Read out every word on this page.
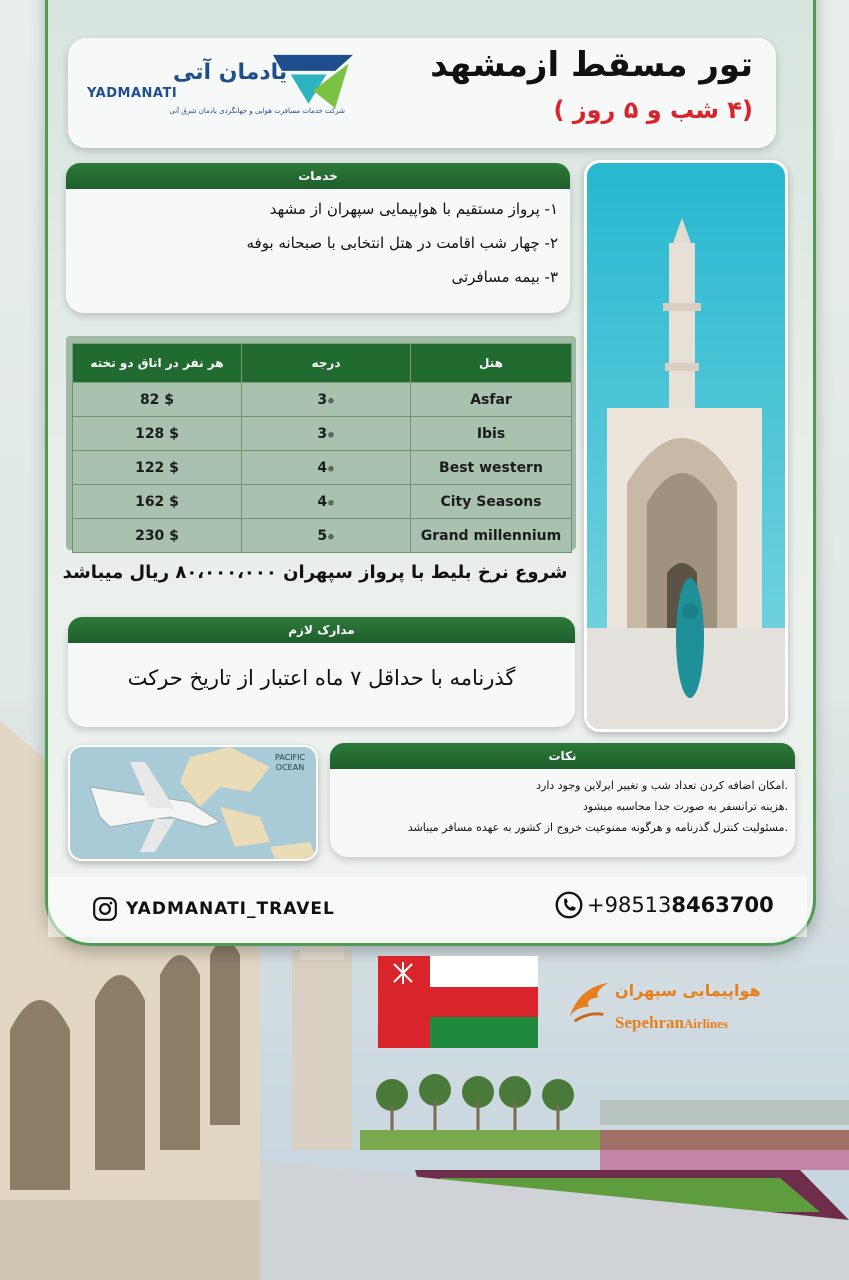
یادمان آتی
YADMANATI
شرکت خدمات مسافرت هوایی و جهانگردی یادمان شرق آتی
تور مسقط ازمشهد
(۴ شب و ۵ روز )
خدمات
۱- پرواز مستقیم با هواپیمایی سپهران از مشهد
۲- چهار شب اقامت در هتل انتخابی با صبحانه بوفه
۳- بیمه مسافرتی
هر نفر در اتاق دو تخته	درجه	هتل
82 $	3✵	Asfar
128 $	3✵	Ibis
122 $	4✵	Best western
162 $	4✵	City Seasons
230 $	5✵	Grand millennium
شروع نرخ بلیط با پرواز سپهران ۸۰،۰۰۰،۰۰۰ ریال میباشد
مدارک لازم
گذرنامه با حداقل ۷ ماه اعتبار از تاریخ حرکت
PACIFIC OCEAN
نکات
.امکان اضافه کردن تعداد شب و تغییر ایرلاین وجود دارد
.هزینه ترانسفر به صورت جدا محاسبه میشود
.مسئولیت کنترل گذرنامه و هرگونه ممنوعیت خروج از کشور به عهده مسافر میباشد
YADMANATI_TRAVEL	+98513 8463700
هواپیمایی سپهران
SepehranAirlines
